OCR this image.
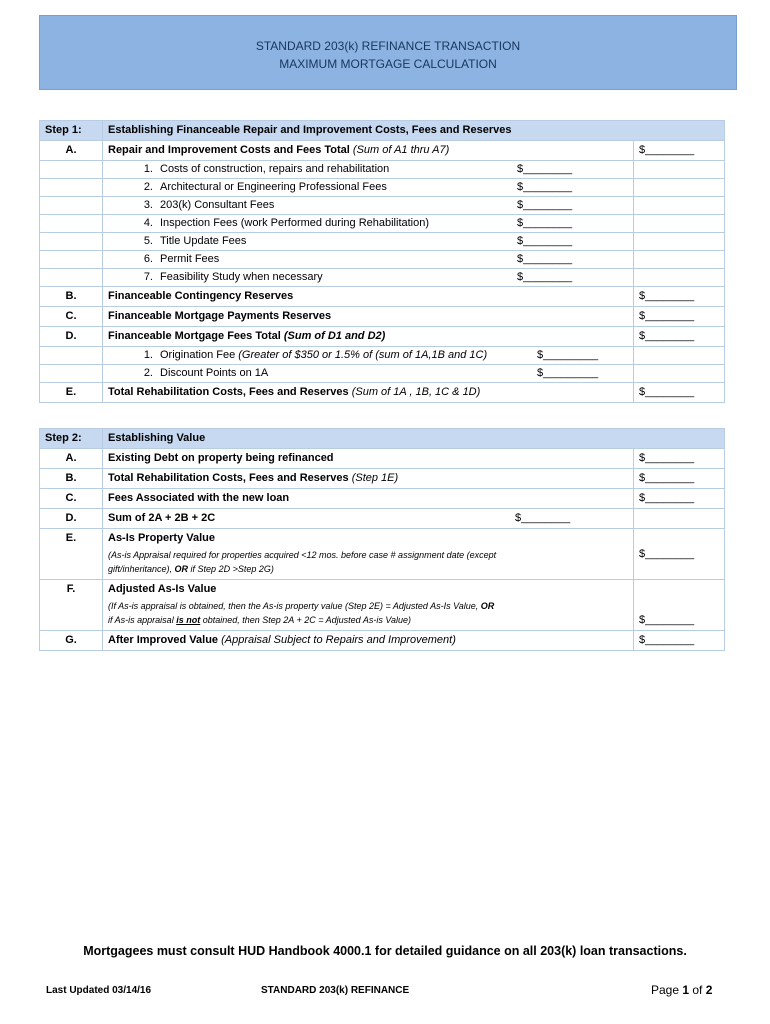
STANDARD 203(k) REFINANCE TRANSACTION
MAXIMUM MORTGAGE CALCULATION
Step 1:	Establishing Financeable Repair and Improvement Costs, Fees and Reserves	
A.	Repair and Improvement Costs and Fees Total (Sum of A1 thru A7)	$________

	1. Costs of construction, repairs and rehabilitation $________	

	2. Architectural or Engineering Professional Fees $________	

	3. 203(k) Consultant Fees $________	

	4. Inspection Fees (work Performed during Rehabilitation) $________	

	5. Title Update Fees $________	

	6. Permit Fees $________	

	7. Feasibility Study when necessary $________	

B.	Financeable Contingency Reserves	$________
C.	Financeable Mortgage Payments Reserves	$________
D.	Financeable Mortgage Fees Total (Sum of D1 and D2)	$________

	1. Origination Fee (Greater of $350 or 1.5% of (sum of 1A,1B and 1C) $_________	

	2. Discount Points on 1A $_________	

E.	Total Rehabilitation Costs, Fees and Reserves (Sum of 1A , 1B, 1C & 1D)	$________
Step 2:	Establishing Value	
A.	Existing Debt on property being refinanced	$________
B.	Total Rehabilitation Costs, Fees and Reserves (Step 1E)	$________
C.	Fees Associated with the new loan	$________
D.	Sum of 2A + 2B + 2C $________	

E.	As-Is Property Value
(As-is Appraisal required for properties acquired <12 mos. before case # assignment date (except
gift/inheritance), OR if Step 2D >Step 2G)	$________
F.	Adjusted As-Is Value
(If As-is appraisal is obtained, then the As-is property value (Step 2E) = Adjusted As-Is Value, OR
if As-is appraisal is not obtained, then Step 2A + 2C = Adjusted As-is Value)	$________
G.	After Improved Value (Appraisal Subject to Repairs and Improvement)	$________
Mortgagees must consult HUD Handbook 4000.1 for detailed guidance on all 203(k) loan transactions.
Last Updated 03/14/16	STANDARD 203(k) REFINANCE	Page 1 of 2
